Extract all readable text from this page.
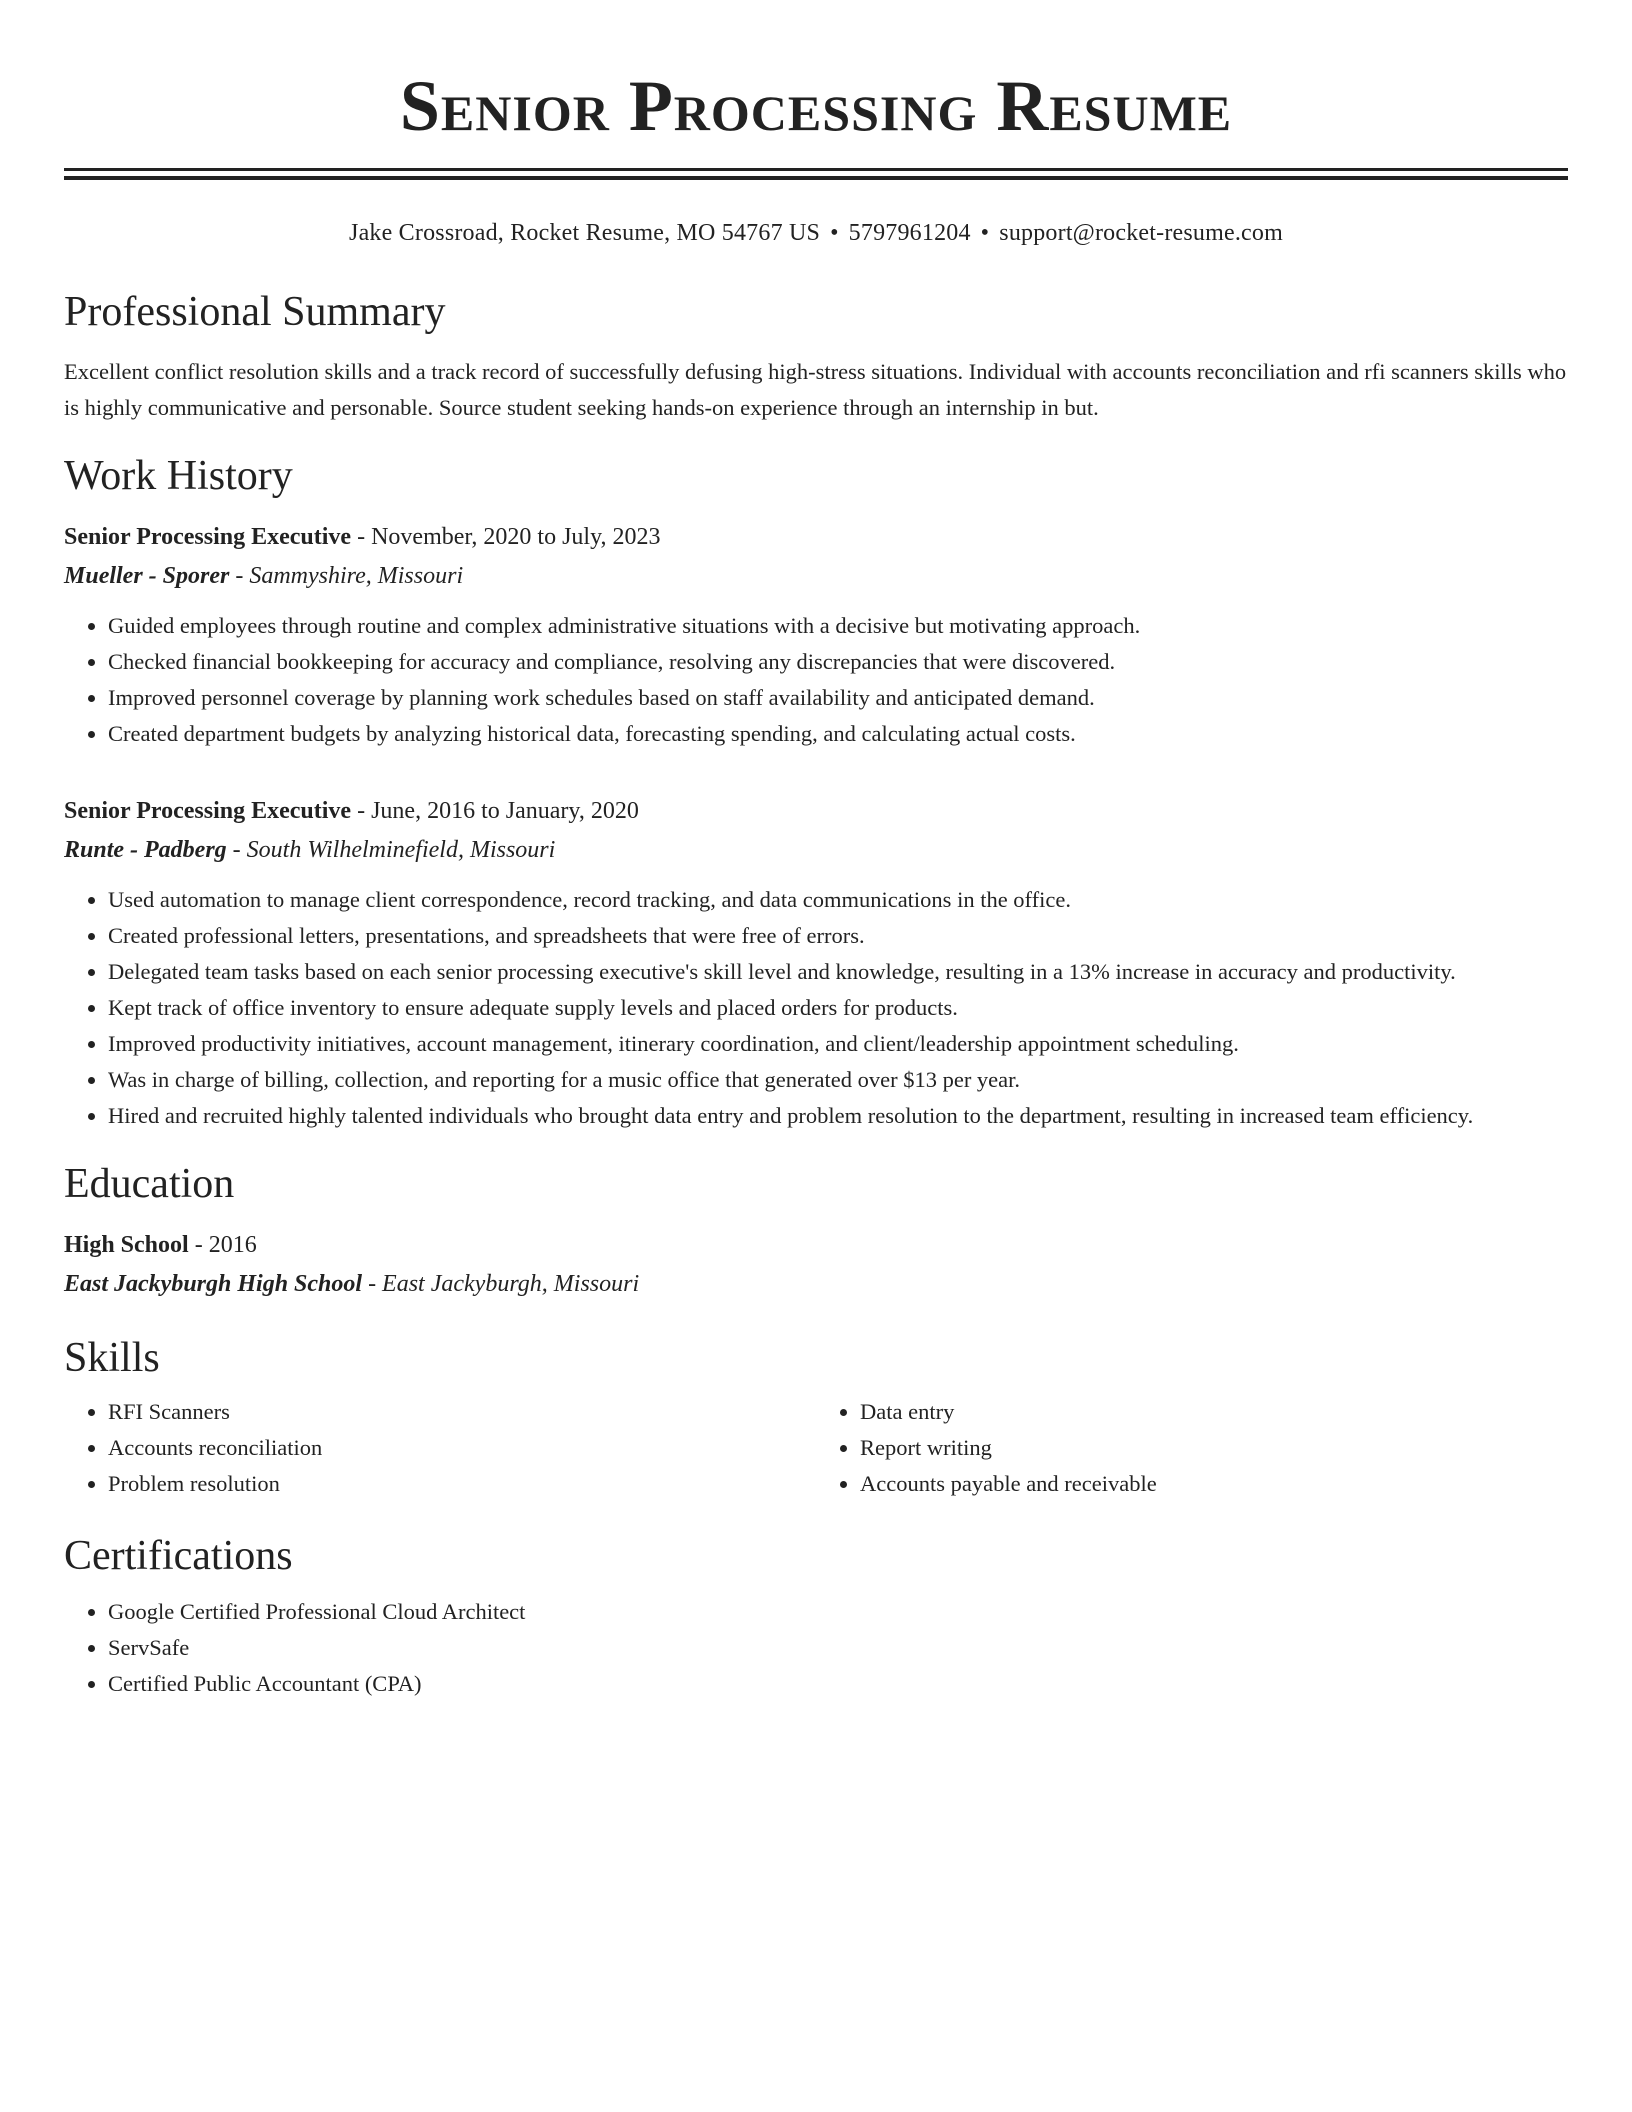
Senior Processing Resume
Jake Crossroad, Rocket Resume, MO 54767 US • 5797961204 • support@rocket-resume.com
Professional Summary
Excellent conflict resolution skills and a track record of successfully defusing high-stress situations. Individual with accounts reconciliation and rfi scanners skills who is highly communicative and personable. Source student seeking hands-on experience through an internship in but.
Work History
Senior Processing Executive - November, 2020 to July, 2023
Mueller - Sporer - Sammyshire, Missouri
• Guided employees through routine and complex administrative situations with a decisive but motivating approach.
• Checked financial bookkeeping for accuracy and compliance, resolving any discrepancies that were discovered.
• Improved personnel coverage by planning work schedules based on staff availability and anticipated demand.
• Created department budgets by analyzing historical data, forecasting spending, and calculating actual costs.
Senior Processing Executive - June, 2016 to January, 2020
Runte - Padberg - South Wilhelminefield, Missouri
• Used automation to manage client correspondence, record tracking, and data communications in the office.
• Created professional letters, presentations, and spreadsheets that were free of errors.
• Delegated team tasks based on each senior processing executive's skill level and knowledge, resulting in a 13% increase in accuracy and productivity.
• Kept track of office inventory to ensure adequate supply levels and placed orders for products.
• Improved productivity initiatives, account management, itinerary coordination, and client/leadership appointment scheduling.
• Was in charge of billing, collection, and reporting for a music office that generated over $13 per year.
• Hired and recruited highly talented individuals who brought data entry and problem resolution to the department, resulting in increased team efficiency.
Education
High School - 2016
East Jackyburgh High School - East Jackyburgh, Missouri
Skills
• RFI Scanners
• Accounts reconciliation
• Problem resolution
• Data entry
• Report writing
• Accounts payable and receivable
Certifications
• Google Certified Professional Cloud Architect
• ServSafe
• Certified Public Accountant (CPA)
